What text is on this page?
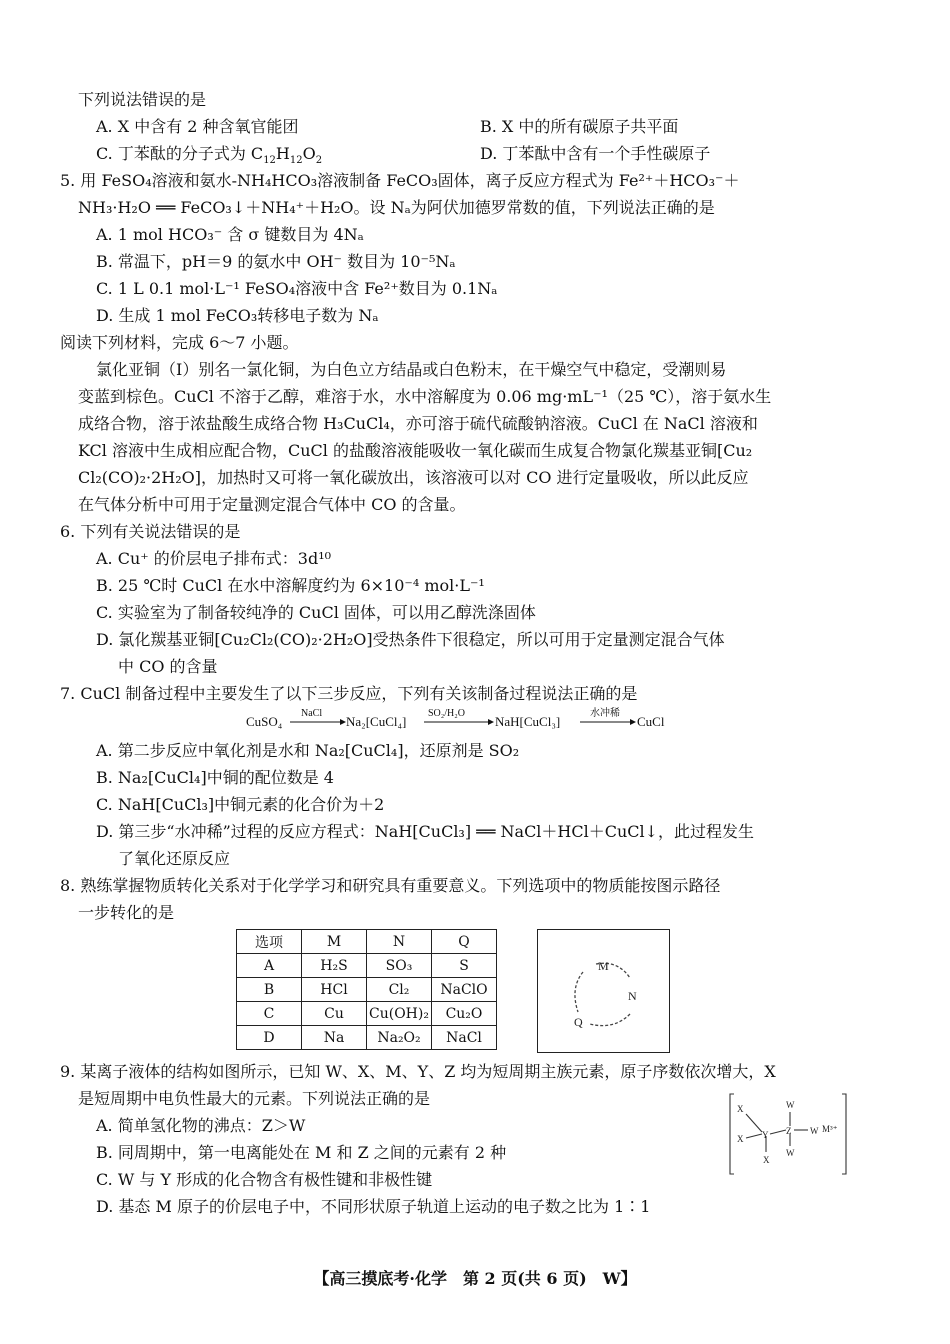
下列说法错误的是
A. X 中含有 2 种含氧官能团	B. X 中的所有碳原子共平面
C. 丁苯酞的分子式为 $C_{12}H_{12}O_2$	D. 丁苯酞中含有一个手性碳原子
5. 用 FeSO₄溶液和氨水-NH₄HCO₃溶液制备 FeCO₃固体，离子反应方程式为 Fe²⁺＋HCO₃⁻＋
NH₃·H₂O ══ FeCO₃↓＋NH₄⁺＋H₂O。设 Nₐ为阿伏加德罗常数的值，下列说法正确的是
A. 1 mol HCO₃⁻ 含 σ 键数目为 4Nₐ
B. 常温下，pH＝9 的氨水中 OH⁻ 数目为 10⁻⁵Nₐ
C. 1 L 0.1 mol·L⁻¹ FeSO₄溶液中含 Fe²⁺数目为 0.1Nₐ
D. 生成 1 mol FeCO₃转移电子数为 Nₐ
阅读下列材料，完成 6～7 小题。
氯化亚铜（Ⅰ）别名一氯化铜，为白色立方结晶或白色粉末，在干燥空气中稳定，受潮则易
变蓝到棕色。CuCl 不溶于乙醇，难溶于水，水中溶解度为 0.06 mg·mL⁻¹（25 ℃），溶于氨水生
成络合物，溶于浓盐酸生成络合物 H₃CuCl₄，亦可溶于硫代硫酸钠溶液。CuCl 在 NaCl 溶液和
KCl 溶液中生成相应配合物，CuCl 的盐酸溶液能吸收一氧化碳而生成复合物氯化羰基亚铜[Cu₂
Cl₂(CO)₂·2H₂O]，加热时又可将一氧化碳放出，该溶液可以对 CO 进行定量吸收，所以此反应
在气体分析中可用于定量测定混合气体中 CO 的含量。
6. 下列有关说法错误的是
A. Cu⁺ 的价层电子排布式：3d¹⁰
B. 25 ℃时 CuCl 在水中溶解度约为 6×10⁻⁴ mol·L⁻¹
C. 实验室为了制备较纯净的 CuCl 固体，可以用乙醇洗涤固体
D. 氯化羰基亚铜[Cu₂Cl₂(CO)₂·2H₂O]受热条件下很稳定，所以可用于定量测定混合气体
中 CO 的含量
7. CuCl 制备过程中主要发生了以下三步反应，下列有关该制备过程说法正确的是
CuSO₄
NaCl
Na₂[CuCl₄]
SO₂/H₂O
NaH[CuCl₃]
水冲稀
CuCl
A. 第二步反应中氧化剂是水和 Na₂[CuCl₄]，还原剂是 SO₂
B. Na₂[CuCl₄]中铜的配位数是 4
C. NaH[CuCl₃]中铜元素的化合价为＋2
D. 第三步“水冲稀”过程的反应方程式：NaH[CuCl₃] ══ NaCl＋HCl＋CuCl↓，此过程发生
了氧化还原反应
8. 熟练掌握物质转化关系对于化学学习和研究具有重要意义。下列选项中的物质能按图示路径
一步转化的是
选项	M	N	Q
A	H₂S	SO₃	S
B	HCl	Cl₂	NaClO
C	Cu	Cu(OH)₂	Cu₂O
D	Na	Na₂O₂	NaCl
M
N
Q
9. 某离子液体的结构如图所示，已知 W、X、M、Y、Z 均为短周期主族元素，原子序数依次增大，X
是短周期中电负性最大的元素。下列说法正确的是
A. 简单氢化物的沸点：Z＞W
B. 同周期中，第一电离能处在 M 和 Z 之间的元素有 2 种
C. W 与 Y 形成的化合物含有极性键和非极性键
D. 基态 M 原子的价层电子中，不同形状原子轨道上运动的电子数之比为 1∶1
X
X
X
Y Z
W
W
W M³⁺
【高三摸底考·化学　第 2 页(共 6 页)　W】
